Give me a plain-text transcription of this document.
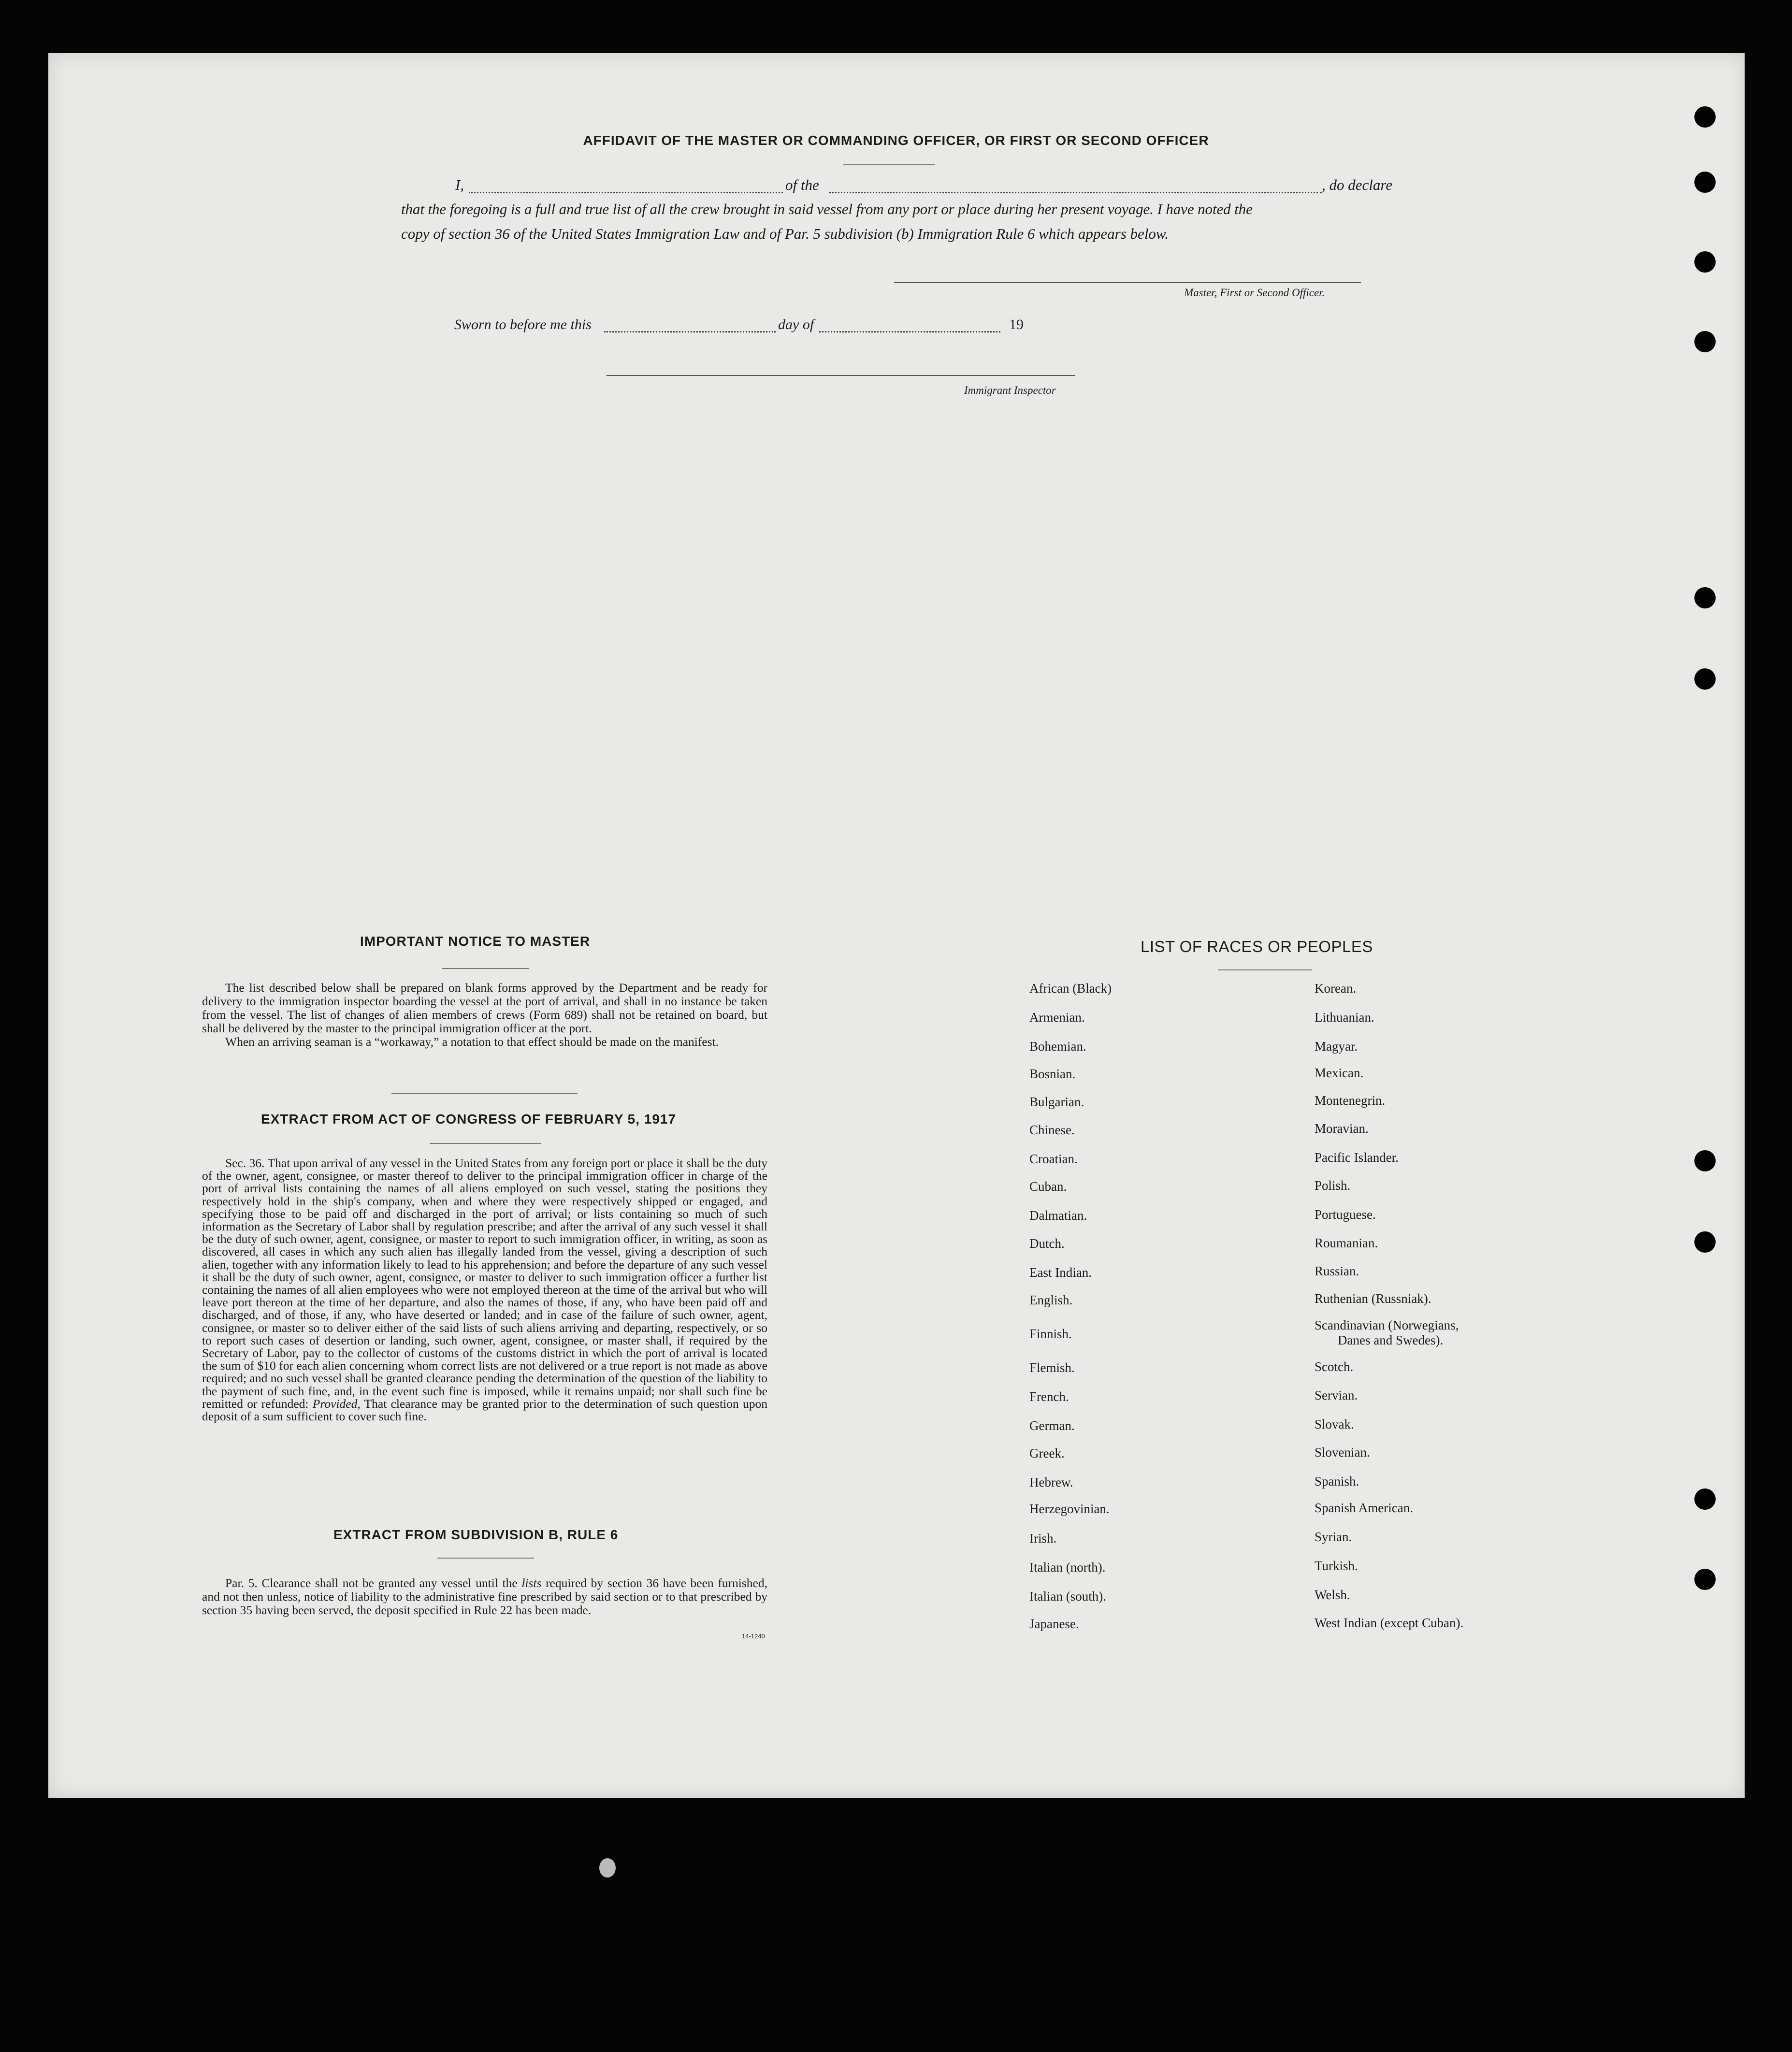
AFFIDAVIT OF THE MASTER OR COMMANDING OFFICER, OR FIRST OR SECOND OFFICER
I,	of the	, do declare
that the foregoing is a full and true list of all the crew brought in said vessel from any port or place during her present voyage. I have noted the
copy of section 36 of the United States Immigration Law and of Par. 5 subdivision (b) Immigration Rule 6 which appears below.
Master, First or Second Officer.
Sworn to before me this	day of	19
Immigrant Inspector
IMPORTANT NOTICE TO MASTER

The list described below shall be prepared on blank forms approved by the Department and be ready for delivery to the immigration inspector boarding the vessel at the port of arrival, and shall in no instance be taken from the vessel. The list of changes of alien members of crews (Form 689) shall not be retained on board, but shall be delivered by the master to the principal immigration officer at the port.

When an arriving seaman is a “workaway,” a notation to that effect should be made on the manifest.

EXTRACT FROM ACT OF CONGRESS OF FEBRUARY 5, 1917

Sec. 36. That upon arrival of any vessel in the United States from any foreign port or place it shall be the duty of the owner, agent, consignee, or master thereof to deliver to the principal immigration officer in charge of the port of arrival lists containing the names of all aliens employed on such vessel, stating the positions they respectively hold in the ship's company, when and where they were respectively shipped or engaged, and specifying those to be paid off and discharged in the port of arrival; or lists containing so much of such information as the Secretary of Labor shall by regulation prescribe; and after the arrival of any such vessel it shall be the duty of such owner, agent, consignee, or master to report to such immigration officer, in writing, as soon as discovered, all cases in which any such alien has illegally landed from the vessel, giving a description of such alien, together with any information likely to lead to his apprehension; and before the departure of any such vessel it shall be the duty of such owner, agent, consignee, or master to deliver to such immigration officer a further list containing the names of all alien employees who were not employed thereon at the time of the arrival but who will leave port thereon at the time of her departure, and also the names of those, if any, who have been paid off and discharged, and of those, if any, who have deserted or landed; and in case of the failure of such owner, agent, consignee, or master so to deliver either of the said lists of such aliens arriving and departing, respectively, or so to report such cases of desertion or landing, such owner, agent, consignee, or master shall, if required by the Secretary of Labor, pay to the collector of customs of the customs district in which the port of arrival is located the sum of $10 for each alien concerning whom correct lists are not delivered or a true report is not made as above required; and no such vessel shall be granted clearance pending the determination of the question of the liability to the payment of such fine, and, in the event such fine is imposed, while it remains unpaid; nor shall such fine be remitted or refunded: Provided, That clearance may be granted prior to the determination of such question upon deposit of a sum sufficient to cover such fine.

EXTRACT FROM SUBDIVISION B, RULE 6

Par. 5. Clearance shall not be granted any vessel until the lists required by section 36 have been furnished, and not then unless, notice of liability to the administrative fine prescribed by said section or to that prescribed by section 35 having been served, the deposit specified in Rule 22 has been made.

14-1240
LIST OF RACES OR PEOPLES
African (Black)
Armenian.
Bohemian.
Bosnian.
Bulgarian.
Chinese.
Croatian.
Cuban.
Dalmatian.
Dutch.
East Indian.
English.
Finnish.
Flemish.
French.
German.
Greek.
Hebrew.
Herzegovinian.
Irish.
Italian (north).
Italian (south).
Japanese.
Korean.
Lithuanian.
Magyar.
Mexican.
Montenegrin.
Moravian.
Pacific Islander.
Polish.
Portuguese.
Roumanian.
Russian.
Ruthenian (Russniak).
Scandinavian (Norwegians,
Danes and Swedes).
Scotch.
Servian.
Slovak.
Slovenian.
Spanish.
Spanish American.
Syrian.
Turkish.
Welsh.
West Indian (except Cuban).
